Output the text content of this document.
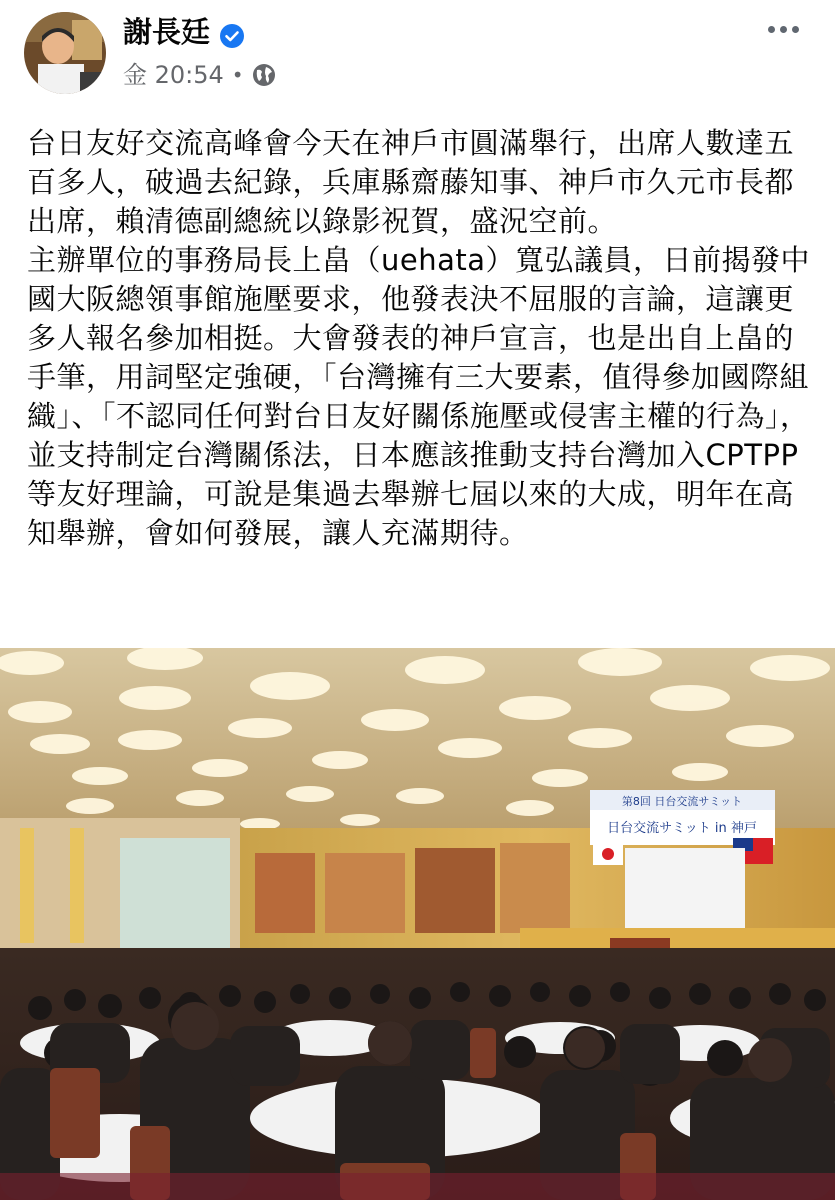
謝長廷
金 20:54 •

台日友好交流高峰會今天在神戶市圓滿舉行，出席人數達五百多人，破過去紀錄，兵庫縣齋藤知事、神戶市久元市長都出席，賴清德副總統以錄影祝賀，盛況空前。

主辦單位的事務局長上畠（uehata）寬弘議員，日前揭發中國大阪總領事館施壓要求，他發表決不屈服的言論，這讓更多人報名參加相挺。大會發表的神戶宣言，也是出自上畠的手筆，用詞堅定強硬，「台灣擁有三大要素，值得參加國際組織」、「不認同任何對台日友好關係施壓或侵害主權的行為」，並支持制定台灣關係法，日本應該推動支持台灣加入CPTPP等友好理論，可說是集過去舉辦七屆以來的大成，明年在高知舉辦，會如何發展，讓人充滿期待。

第8回 日台交流サミット
日台交流サミット in 神戸
